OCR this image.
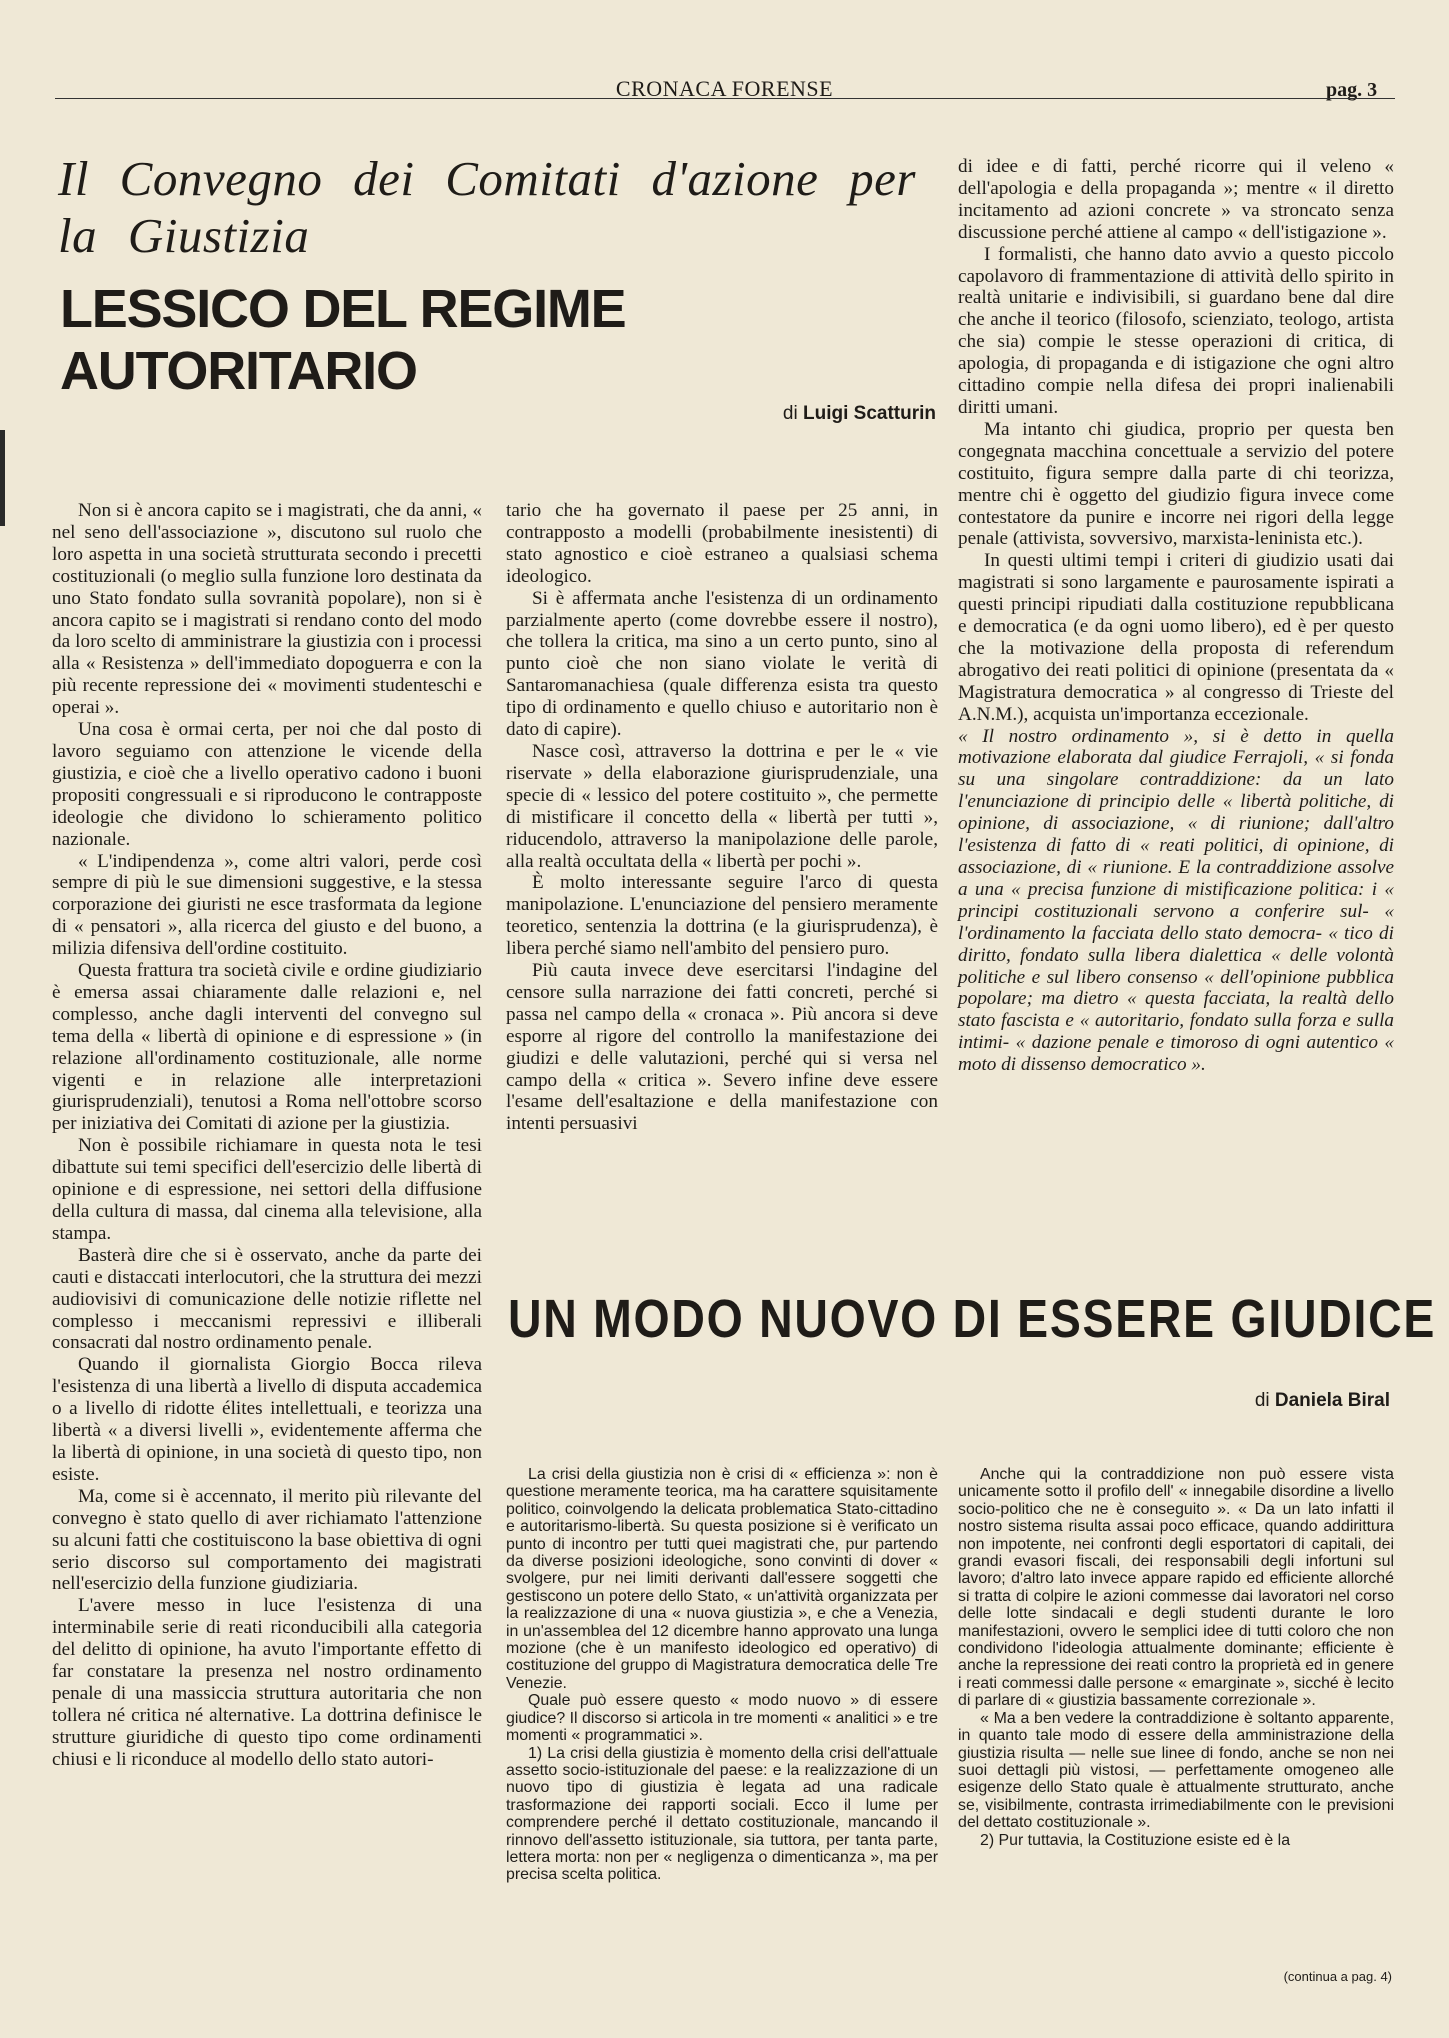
CRONACA FORENSE	pag. 3
Il Convegno dei Comitati d'azione per la Giustizia
LESSICO DEL REGIME AUTORITARIO
di Luigi Scatturin

Non si è ancora capito se i magistrati, che da anni, « nel seno dell'associazione », discutono sul ruolo che loro aspetta in una società strutturata secondo i precetti costituzionali (o meglio sulla funzione loro destinata da uno Stato fondato sulla sovranità popolare), non si è ancora capito se i magistrati si rendano conto del modo da loro scelto di amministrare la giustizia con i processi alla « Resistenza » dell'immediato dopoguerra e con la più recente repressione dei « movimenti studenteschi e operai ».

Una cosa è ormai certa, per noi che dal posto di lavoro seguiamo con attenzione le vicende della giustizia, e cioè che a livello operativo cadono i buoni propositi congressuali e si riproducono le contrapposte ideologie che dividono lo schieramento politico nazionale.

« L'indipendenza », come altri valori, perde così sempre di più le sue dimensioni suggestive, e la stessa corporazione dei giuristi ne esce trasformata da legione di « pensatori », alla ricerca del giusto e del buono, a milizia difensiva dell'ordine costituito.

Questa frattura tra società civile e ordine giudiziario è emersa assai chiaramente dalle relazioni e, nel complesso, anche dagli interventi del convegno sul tema della « libertà di opinione e di espressione » (in relazione all'ordinamento costituzionale, alle norme vigenti e in relazione alle interpretazioni giurisprudenziali), tenutosi a Roma nell'ottobre scorso per iniziativa dei Comitati di azione per la giustizia.

Non è possibile richiamare in questa nota le tesi dibattute sui temi specifici dell'esercizio delle libertà di opinione e di espressione, nei settori della diffusione della cultura di massa, dal cinema alla televisione, alla stampa.

Basterà dire che si è osservato, anche da parte dei cauti e distaccati interlocutori, che la struttura dei mezzi audiovisivi di comunicazione delle notizie riflette nel complesso i meccanismi repressivi e illiberali consacrati dal nostro ordinamento penale.

Quando il giornalista Giorgio Bocca rileva l'esistenza di una libertà a livello di disputa accademica o a livello di ridotte élites intellettuali, e teorizza una libertà « a diversi livelli », evidentemente afferma che la libertà di opinione, in una società di questo tipo, non esiste.

Ma, come si è accennato, il merito più rilevante del convegno è stato quello di aver richiamato l'attenzione su alcuni fatti che costituiscono la base obiettiva di ogni serio discorso sul comportamento dei magistrati nell'esercizio della funzione giudiziaria.

L'avere messo in luce l'esistenza di una interminabile serie di reati riconducibili alla categoria del delitto di opinione, ha avuto l'importante effetto di far constatare la presenza nel nostro ordinamento penale di una massiccia struttura autoritaria che non tollera né critica né alternative. La dottrina definisce le strutture giuridiche di questo tipo come ordinamenti chiusi e li riconduce al modello dello stato autori-

tario che ha governato il paese per 25 anni, in contrapposto a modelli (probabilmente inesistenti) di stato agnostico e cioè estraneo a qualsiasi schema ideologico.

Si è affermata anche l'esistenza di un ordinamento parzialmente aperto (come dovrebbe essere il nostro), che tollera la critica, ma sino a un certo punto, sino al punto cioè che non siano violate le verità di Santaromanachiesa (quale differenza esista tra questo tipo di ordinamento e quello chiuso e autoritario non è dato di capire).

Nasce così, attraverso la dottrina e per le « vie riservate » della elaborazione giurisprudenziale, una specie di « lessico del potere costituito », che permette di mistificare il concetto della « libertà per tutti », riducendolo, attraverso la manipolazione delle parole, alla realtà occultata della « libertà per pochi ».

È molto interessante seguire l'arco di questa manipolazione. L'enunciazione del pensiero meramente teoretico, sentenzia la dottrina (e la giurisprudenza), è libera perché siamo nell'ambito del pensiero puro.

Più cauta invece deve esercitarsi l'indagine del censore sulla narrazione dei fatti concreti, perché si passa nel campo della « cronaca ». Più ancora si deve esporre al rigore del controllo la manifestazione dei giudizi e delle valutazioni, perché qui si versa nel campo della « critica ». Severo infine deve essere l'esame dell'esaltazione e della manifestazione con intenti persuasivi

di idee e di fatti, perché ricorre qui il veleno « dell'apologia e della propaganda »; mentre « il diretto incitamento ad azioni concrete » va stroncato senza discussione perché attiene al campo « dell'istigazione ».

I formalisti, che hanno dato avvio a questo piccolo capolavoro di frammentazione di attività dello spirito in realtà unitarie e indivisibili, si guardano bene dal dire che anche il teorico (filosofo, scienziato, teologo, artista che sia) compie le stesse operazioni di critica, di apologia, di propaganda e di istigazione che ogni altro cittadino compie nella difesa dei propri inalienabili diritti umani.

Ma intanto chi giudica, proprio per questa ben congegnata macchina concettuale a servizio del potere costituito, figura sempre dalla parte di chi teorizza, mentre chi è oggetto del giudizio figura invece come contestatore da punire e incorre nei rigori della legge penale (attivista, sovversivo, marxista-leninista etc.).

In questi ultimi tempi i criteri di giudizio usati dai magistrati si sono largamente e paurosamente ispirati a questi principi ripudiati dalla costituzione repubblicana e democratica (e da ogni uomo libero), ed è per questo che la motivazione della proposta di referendum abrogativo dei reati politici di opinione (presentata da « Magistratura democratica » al congresso di Trieste del A.N.M.), acquista un'importanza eccezionale.

« Il nostro ordinamento », si è detto in quella motivazione elaborata dal giudice Ferrajoli, « si fonda su una singolare contraddizione: da un lato l'enunciazione di principio delle « libertà politiche, di opinione, di associazione, « di riunione; dall'altro l'esistenza di fatto di « reati politici, di opinione, di associazione, di « riunione. E la contraddizione assolve a una « precisa funzione di mistificazione politica: i « principi costituzionali servono a conferire sul- « l'ordinamento la facciata dello stato democra- « tico di diritto, fondato sulla libera dialettica « delle volontà politiche e sul libero consenso « dell'opinione pubblica popolare; ma dietro « questa facciata, la realtà dello stato fascista e « autoritario, fondato sulla forza e sulla intimi- « dazione penale e timoroso di ogni autentico « moto di dissenso democratico ».

UN MODO NUOVO DI ESSERE GIUDICE
di Daniela Biral

La crisi della giustizia non è crisi di « efficienza »: non è questione meramente teorica, ma ha carattere squisitamente politico, coinvolgendo la delicata problematica Stato-cittadino e autoritarismo-libertà. Su questa posizione si è verificato un punto di incontro per tutti quei magistrati che, pur partendo da diverse posizioni ideologiche, sono convinti di dover « svolgere, pur nei limiti derivanti dall'essere soggetti che gestiscono un potere dello Stato, « un'attività organizzata per la realizzazione di una « nuova giustizia », e che a Venezia, in un'assemblea del 12 dicembre hanno approvato una lunga mozione (che è un manifesto ideologico ed operativo) di costituzione del gruppo di Magistratura democratica delle Tre Venezie.

Quale può essere questo « modo nuovo » di essere giudice? Il discorso si articola in tre momenti « analitici » e tre momenti « programmatici ».

1) La crisi della giustizia è momento della crisi dell'attuale assetto socio-istituzionale del paese: e la realizzazione di un nuovo tipo di giustizia è legata ad una radicale trasformazione dei rapporti sociali. Ecco il lume per comprendere perché il dettato costituzionale, mancando il rinnovo dell'assetto istituzionale, sia tuttora, per tanta parte, lettera morta: non per « negligenza o dimenticanza », ma per precisa scelta politica.

Anche qui la contraddizione non può essere vista unicamente sotto il profilo dell' « innegabile disordine a livello socio-politico che ne è conseguito ». « Da un lato infatti il nostro sistema risulta assai poco efficace, quando addirittura non impotente, nei confronti degli esportatori di capitali, dei grandi evasori fiscali, dei responsabili degli infortuni sul lavoro; d'altro lato invece appare rapido ed efficiente allorché si tratta di colpire le azioni commesse dai lavoratori nel corso delle lotte sindacali e degli studenti durante le loro manifestazioni, ovvero le semplici idee di tutti coloro che non condividono l'ideologia attualmente dominante; efficiente è anche la repressione dei reati contro la proprietà ed in genere i reati commessi dalle persone « emarginate », sicché è lecito di parlare di « giustizia bassamente correzionale ».

« Ma a ben vedere la contraddizione è soltanto apparente, in quanto tale modo di essere della amministrazione della giustizia risulta — nelle sue linee di fondo, anche se non nei suoi dettagli più vistosi, — perfettamente omogeneo alle esigenze dello Stato quale è attualmente strutturato, anche se, visibilmente, contrasta irrimediabilmente con le previsioni del dettato costituzionale ».

2) Pur tuttavia, la Costituzione esiste ed è la

(continua a pag. 4)
